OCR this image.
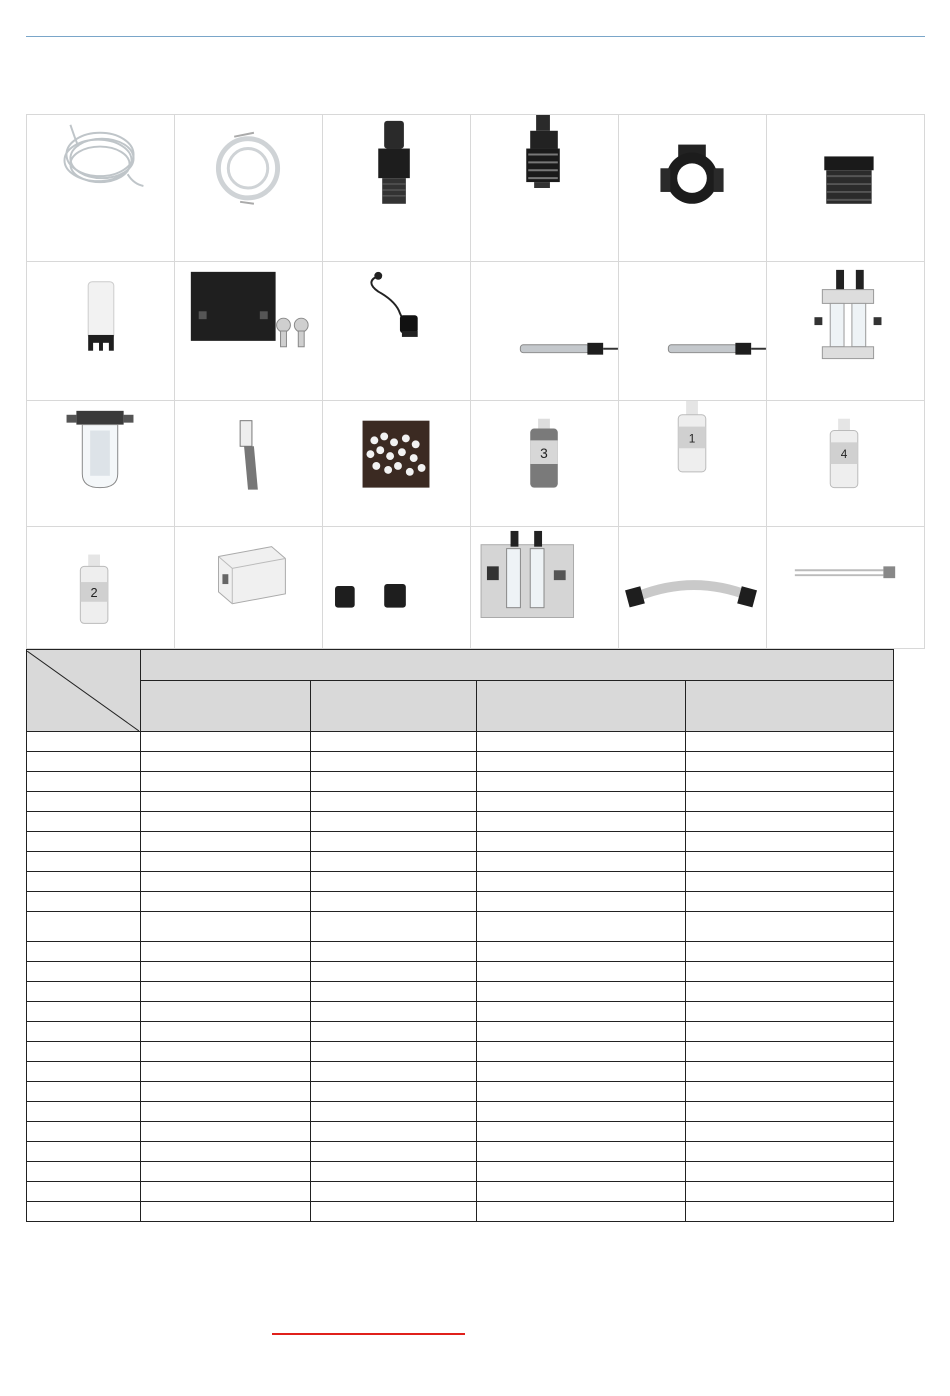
3
1
4
2
